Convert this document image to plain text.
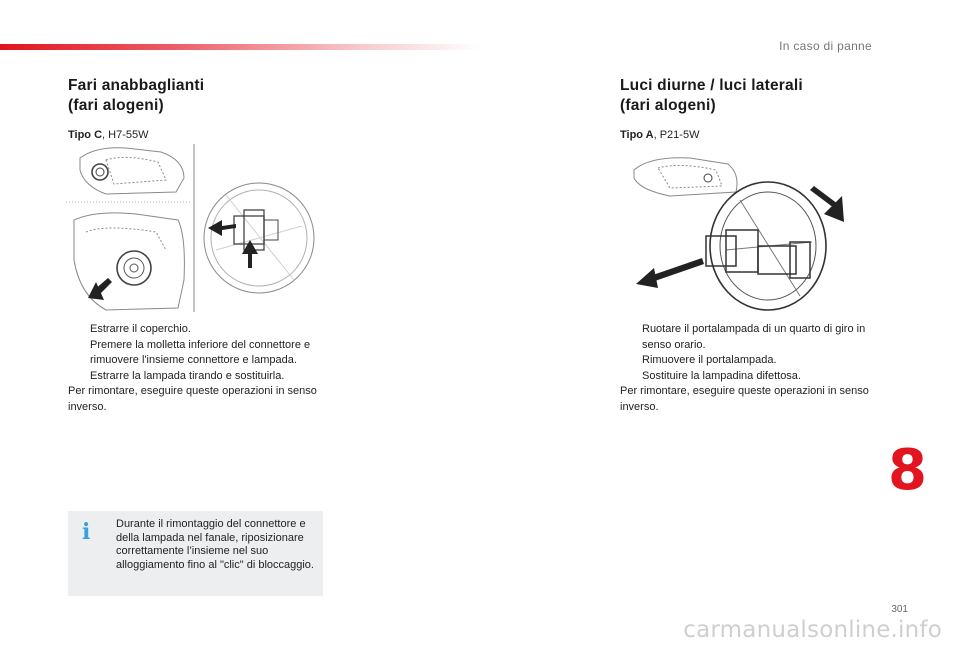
In caso di panne
Fari anabbaglianti
(fari alogeni)
Tipo C, H7-55W
Estrarre il coperchio.
Premere la molletta inferiore del connettore e rimuovere l'insieme connettore e lampada.
Estrarre la lampada tirando e sostituirla.
Per rimontare, eseguire queste operazioni in senso inverso.
i Durante il rimontaggio del connettore e della lampada nel fanale, riposizionare correttamente l’insieme nel suo alloggiamento fino al "clic" di bloccaggio.
Luci diurne / luci laterali
(fari alogeni)
Tipo A, P21-5W
Ruotare il portalampada di un quarto di giro in senso orario.
Rimuovere il portalampada.
Sostituire la lampadina difettosa.
Per rimontare, eseguire queste operazioni in senso inverso.
8
301
carmanualsonline.info
